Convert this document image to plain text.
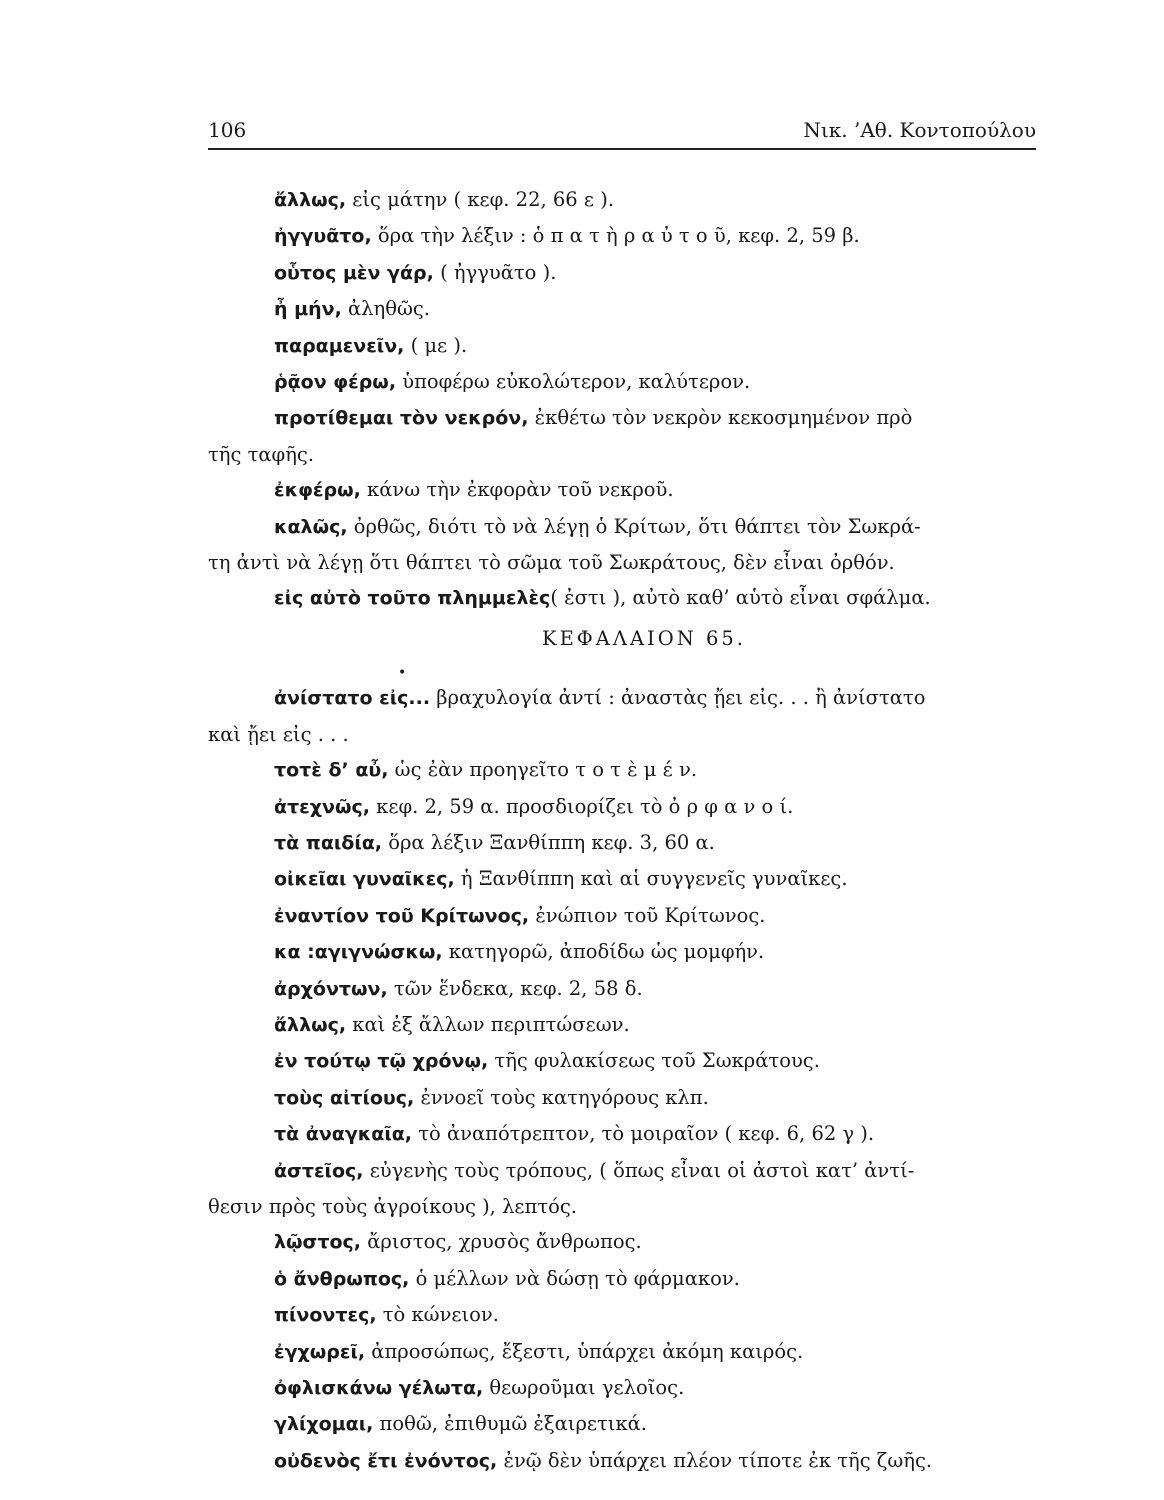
106	Νικ. ’Αθ. Κοντοπούλου
ἄλλως, εἰς μάτην ( κεφ. 22, 66 ε ).
ἠγγυᾶτο, ὅρα τὴν λέξιν : ὁ π α τ ὴ ρ α ὐ τ ο ῦ, κεφ. 2, 59 β.
οὗτος μὲν γάρ, ( ἠγγυᾶτο ).
ἦ μήν, ἀληθῶς.
παραμενεῖν, ( με ).
ῥᾷον φέρω, ὑποφέρω εὐκολώτερον, καλύτερον.
προτίθεμαι τὸν νεκρόν, ἐκθέτω τὸν νεκρὸν κεκοσμημένον πρὸ
τῆς ταφῆς.
ἐκφέρω, κάνω τὴν ἐκφορὰν τοῦ νεκροῦ.
καλῶς, ὀρθῶς, διότι τὸ νὰ λέγῃ ὁ Κρίτων, ὅτι θάπτει τὸν Σωκρά-
τη ἀντὶ νὰ λέγῃ ὅτι θάπτει τὸ σῶμα τοῦ Σωκράτους, δὲν εἶναι ὀρθόν.
εἰς αὐτὸ τοῦτο πλημμελὲς( ἐστι ), αὐτὸ καθ’ αὑτὸ εἶναι σφάλμα.
ΚΕΦΑΛΑΙΟΝ 65.
•
ἀνίστατο εἰς... βραχυλογία ἀντί : ἀναστὰς ᾔει εἰς. . . ἢ ἀνίστατο
καὶ ᾔει εἰς . . .
τοτὲ δ’ αὖ, ὡς ἐὰν προηγεῖτο τ ο τ ὲ μ έ ν.
ἀτεχνῶς, κεφ. 2, 59 α. προσδιορίζει τὸ ὀ ρ φ α ν ο ί.
τὰ παιδία, ὅρα λέξιν Ξανθίππη κεφ. 3, 60 α.
οἰκεῖαι γυναῖκες, ἡ Ξανθίππη καὶ αἱ συγγενεῖς γυναῖκες.
ἐναντίον τοῦ Κρίτωνος, ἐνώπιον τοῦ Κρίτωνος.
κα :αγιγνώσκω, κατηγορῶ, ἀποδίδω ὡς μομφήν.
ἀρχόντων, τῶν ἕνδεκα, κεφ. 2, 58 δ.
ἄλλως, καὶ ἐξ ἄλλων περιπτώσεων.
ἐν τούτῳ τῷ χρόνῳ, τῆς φυλακίσεως τοῦ Σωκράτους.
τοὺς αἰτίους, ἐννοεῖ τοὺς κατηγόρους κλπ.
τὰ ἀναγκαῖα, τὸ ἀναπότρεπτον, τὸ μοιραῖον ( κεφ. 6, 62 γ ).
ἀστεῖος, εὐγενὴς τοὺς τρόπους, ( ὅπως εἶναι οἱ ἀστοὶ κατ’ ἀντί-
θεσιν πρὸς τοὺς ἀγροίκους ), λεπτός.
λῷστος, ἄριστος, χρυσὸς ἄνθρωπος.
ὁ ἄνθρωπος, ὁ μέλλων νὰ δώσῃ τὸ φάρμακον.
πίνοντες, τὸ κώνειον.
ἐγχωρεῖ, ἀπροσώπως, ἔξεστι, ὑπάρχει ἀκόμη καιρός.
ὀφλισκάνω γέλωτα, θεωροῦμαι γελοῖος.
γλίχομαι, ποθῶ, ἐπιθυμῶ ἐξαιρετικά.
οὐδενὸς ἔτι ἐνόντος, ἐνῷ δὲν ὑπάρχει πλέον τίποτε ἐκ τῆς ζωῆς.
